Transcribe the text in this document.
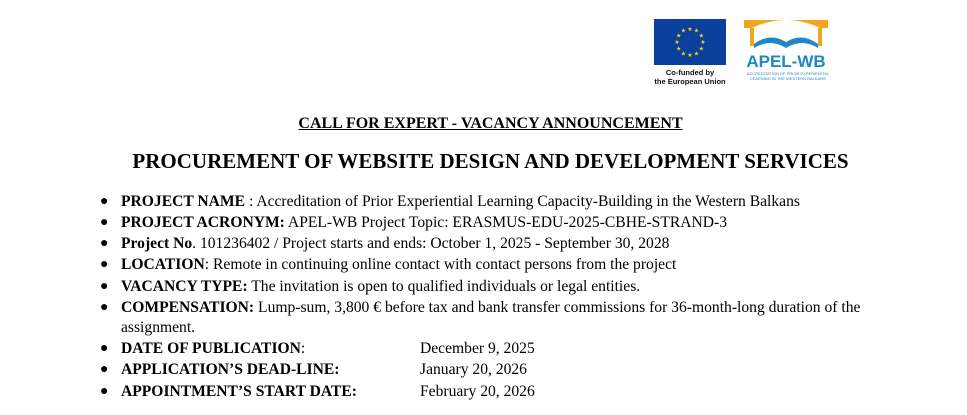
★ ★
★
★
★
★
★
★
★
★
★
★
Co-funded by
the European Union
APEL-WB
ACCREDITATION OF PRIOR EXPERIENTIAL
LEARNING IN THE WESTERN BALKANS
CALL FOR EXPERT - VACANCY ANNOUNCEMENT
PROCUREMENT OF WEBSITE DESIGN AND DEVELOPMENT SERVICES
● PROJECT NAME : Accreditation of Prior Experiential Learning Capacity-Building in the Western Balkans
● PROJECT ACRONYM: APEL-WB Project Topic: ERASMUS-EDU-2025-CBHE-STRAND-3
● Project No. 101236402 / Project starts and ends: October 1, 2025 - September 30, 2028
● LOCATION: Remote in continuing online contact with contact persons from the project
● VACANCY TYPE: The invitation is open to qualified individuals or legal entities.
● COMPENSATION: Lump-sum, 3,800 € before tax and bank transfer commissions for 36-month-long duration of the assignment.
● DATE OF PUBLICATION:	December 9, 2025
● APPLICATION’S DEAD-LINE:	January 20, 2026
● APPOINTMENT’S START DATE:	February 20, 2026
